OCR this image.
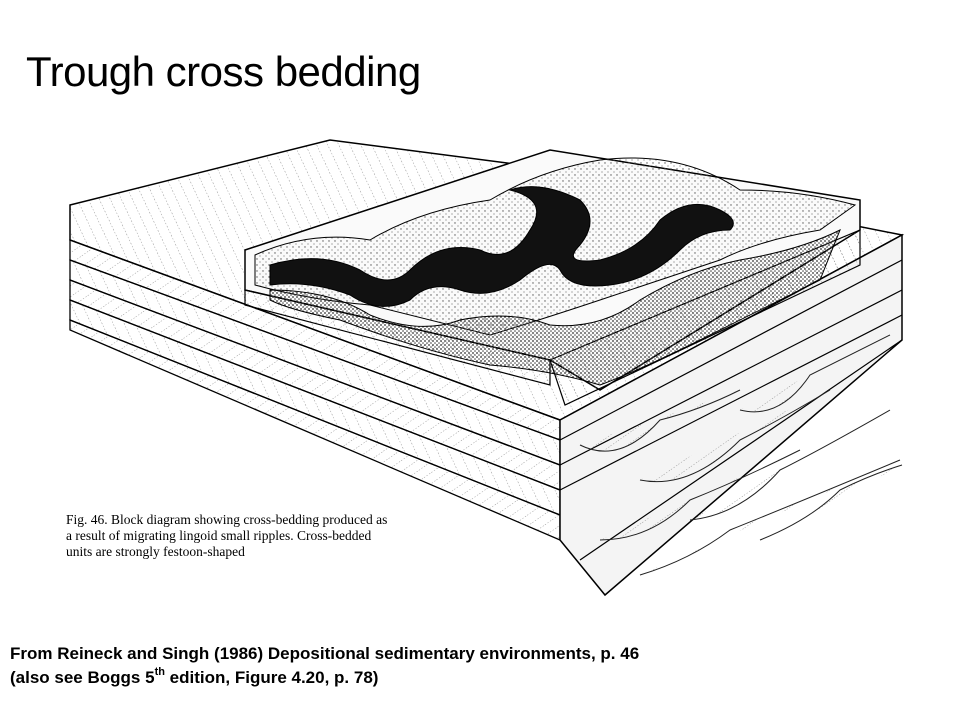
Trough cross bedding
Fig. 46. Block diagram showing cross-bedding produced as
a result of migrating lingoid small ripples. Cross-bedded
units are strongly festoon-shaped
From Reineck and Singh (1986) Depositional sedimentary environments, p. 46
(also see Boggs 5th edition, Figure 4.20, p. 78)
